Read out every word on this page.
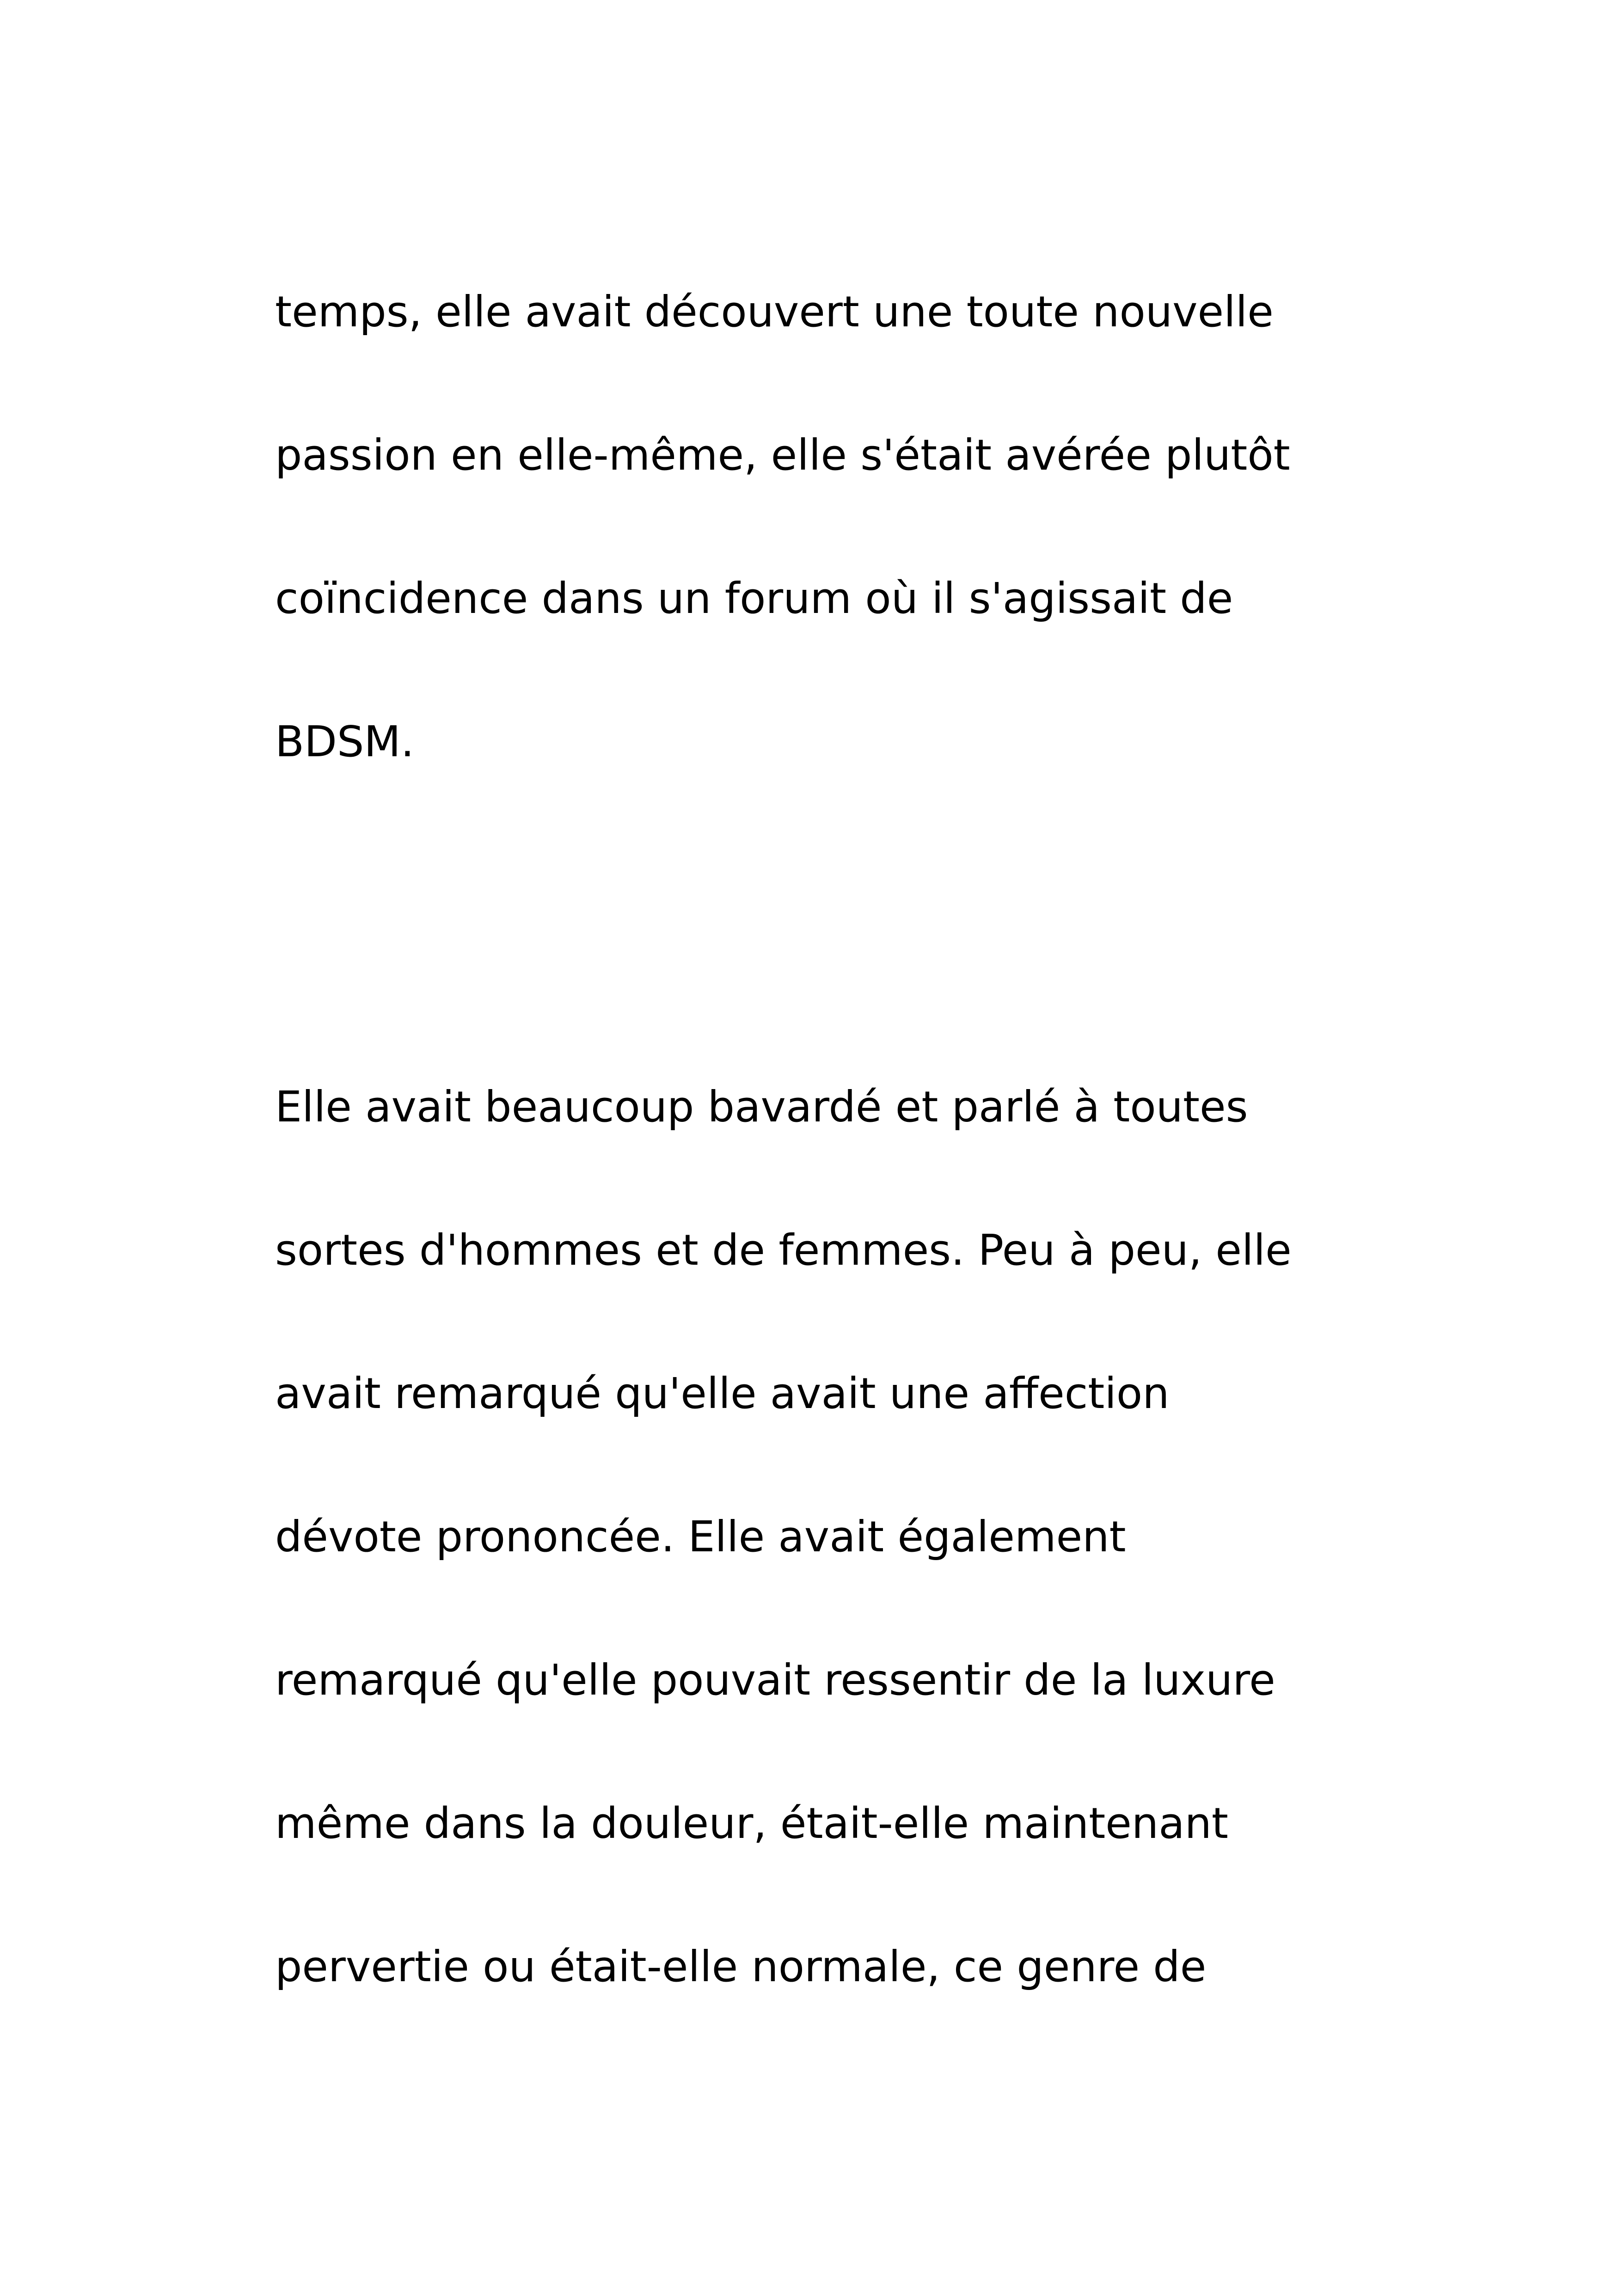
temps, elle avait découvert une toute nouvelle
passion en elle-même, elle s'était avérée plutôt
coïncidence dans un forum où il s'agissait de
BDSM.
Elle avait beaucoup bavardé et parlé à toutes
sortes d'hommes et de femmes. Peu à peu, elle
avait remarqué qu'elle avait une affection
dévote prononcée. Elle avait également
remarqué qu'elle pouvait ressentir de la luxure
même dans la douleur, était-elle maintenant
pervertie ou était-elle normale, ce genre de
